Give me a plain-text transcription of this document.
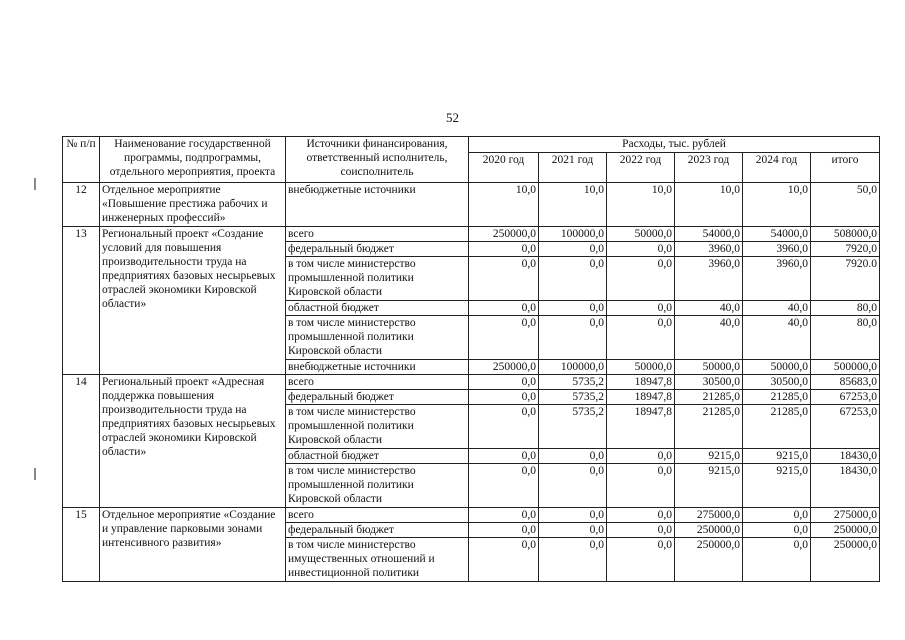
52
№ п/п	Наименование государственной программы, подпрограммы, отдельного мероприятия, проекта	Источники финансирования, ответственный исполнитель, соисполнитель	Расходы, тыс. рублей					
			2020 год	2021 год	2022 год	2023 год	2024 год	итого
12	Отдельное мероприятие «Повышение престижа рабочих и инженерных профессий»	внебюджетные источники	10,0	10,0	10,0	10,0	10,0	50,0
13	Региональный проект «Создание условий для повышения производительности труда на предприятиях базовых несырьевых отраслей экономики Кировской области»	всего	250000,0	100000,0	50000,0	54000,0	54000,0	508000,0
		федеральный бюджет	0,0	0,0	0,0	3960,0	3960,0	7920,0
		в том числе министерство промышленной политики Кировской области	0,0	0,0	0,0	3960,0	3960,0	7920.0
		областной бюджет	0,0	0,0	0,0	40,0	40,0	80,0
		в том числе министерство промышленной политики Кировской области	0,0	0,0	0,0	40,0	40,0	80,0
		внебюджетные источники	250000,0	100000,0	50000,0	50000,0	50000,0	500000,0
14	Региональный проект «Адресная поддержка повышения производительности труда на предприятиях базовых несырьевых отраслей экономики Кировской области»	всего	0,0	5735,2	18947,8	30500,0	30500,0	85683,0
		федеральный бюджет	0,0	5735,2	18947,8	21285,0	21285,0	67253,0
		в том числе министерство промышленной политики Кировской области	0,0	5735,2	18947,8	21285,0	21285,0	67253,0
		областной бюджет	0,0	0,0	0,0	9215,0	9215,0	18430,0
		в том числе министерство промышленной политики Кировской области	0,0	0,0	0,0	9215,0	9215,0	18430,0
15	Отдельное мероприятие «Создание и управление парковыми зонами интенсивного развития»	всего	0,0	0,0	0,0	275000,0	0,0	275000,0
		федеральный бюджет	0,0	0,0	0,0	250000,0	0,0	250000,0
		в том числе министерство имущественных отношений и инвестиционной политики	0,0	0,0	0,0	250000,0	0,0	250000,0
